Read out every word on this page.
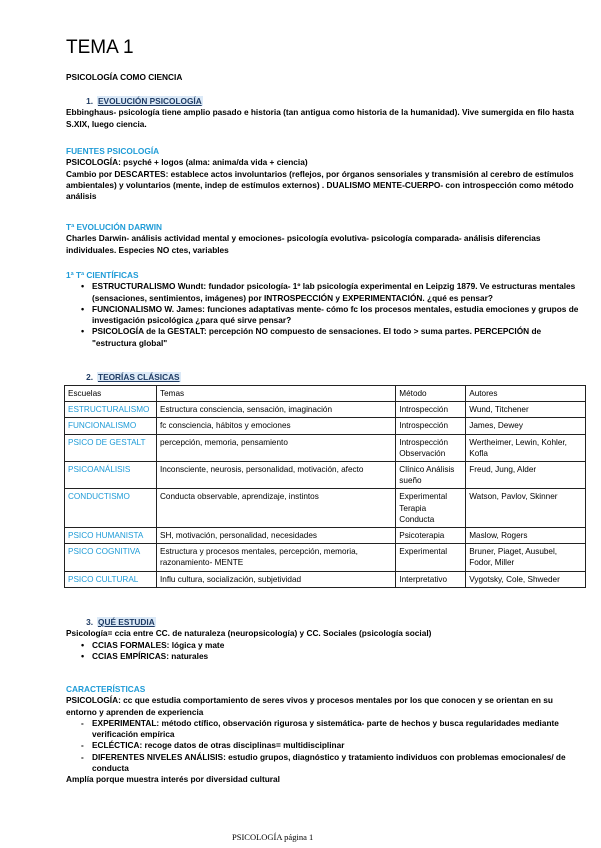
TEMA 1
PSICOLOGÍA COMO CIENCIA

1. EVOLUCIÓN PSICOLOGÍA

Ebbinghaus- psicología tiene amplio pasado e historia (tan antigua como historia de la humanidad). Vive sumergida en filo hasta S.XIX, luego ciencia.

FUENTES PSICOLOGÍA

PSICOLOGÍA: psyché + logos (alma: anima/da vida + ciencia)

Cambio por DESCARTES: establece actos involuntarios (reflejos, por órganos sensoriales y transmisión al cerebro de estímulos ambientales) y voluntarios (mente, indep de estímulos externos) . DUALISMO MENTE-CUERPO- con introspección como método análisis

Tª EVOLUCIÓN DARWIN

Charles Darwin- análisis actividad mental y emociones- psicología evolutiva- psicología comparada- análisis diferencias individuales. Especies NO ctes, variables

1ª Tª CIENTÍFICAS

• ESTRUCTURALISMO Wundt: fundador psicología- 1º lab psicología experimental en Leipzig 1879. Ve estructuras mentales (sensaciones, sentimientos, imágenes) por INTROSPECCIÓN y EXPERIMENTACIÓN. ¿qué es pensar?
• FUNCIONALISMO W. James: funciones adaptativas mente- cómo fc los procesos mentales, estudia emociones y grupos de investigación psicológica ¿para qué sirve pensar?
• PSICOLOGÍA de la GESTALT: percepción NO compuesto de sensaciones. El todo > suma partes. PERCEPCIÓN de "estructura global"

2. TEORÍAS CLÁSICAS

Escuelas	Temas	Método	Autores
ESTRUCTURALISMO	Estructura consciencia, sensación, imaginación	Introspección	Wund, Titchener
FUNCIONALISMO	fc consciencia, hábitos y emociones	Introspección	James, Dewey
PSICO DE GESTALT	percepción, memoria, pensamiento	Introspección Observación	Wertheimer, Lewin, Kohler, Kofla
PSICOANÁLISIS	Inconsciente, neurosis, personalidad, motivación, afecto	Clínico Análisis sueño	Freud, Jung, Alder
CONDUCTISMO	Conducta observable, aprendizaje, instintos	Experimental Terapia Conducta	Watson, Pavlov, Skinner
PSICO HUMANISTA	SH, motivación, personalidad, necesidades	Psicoterapia	Maslow, Rogers
PSICO COGNITIVA	Estructura y procesos mentales, percepción, memoria, razonamiento- MENTE	Experimental	Bruner, Piaget, Ausubel, Fodor, Miller
PSICO CULTURAL	Influ cultura, socialización, subjetividad	Interpretativo	Vygotsky, Cole, Shweder

3. QUÉ ESTUDIA

Psicología= ccia entre CC. de naturaleza (neuropsicología) y CC. Sociales (psicología social)

• CCIAS FORMALES: lógica y mate
• CCIAS EMPÍRICAS: naturales

CARACTERÍSTICAS

PSICOLOGÍA: cc que estudia comportamiento de seres vivos y procesos mentales por los que conocen y se orientan en su entorno y aprenden de experiencia

- EXPERIMENTAL: método ctífico, observación rigurosa y sistemática- parte de hechos y busca regularidades mediante verificación empírica
- ECLÉCTICA: recoge datos de otras disciplinas= multidisciplinar
- DIFERENTES NIVELES ANÁLISIS: estudio grupos, diagnóstico y tratamiento individuos con problemas emocionales/ de conducta

Amplía porque muestra interés por diversidad cultural

PSICOLOGÍA página 1
